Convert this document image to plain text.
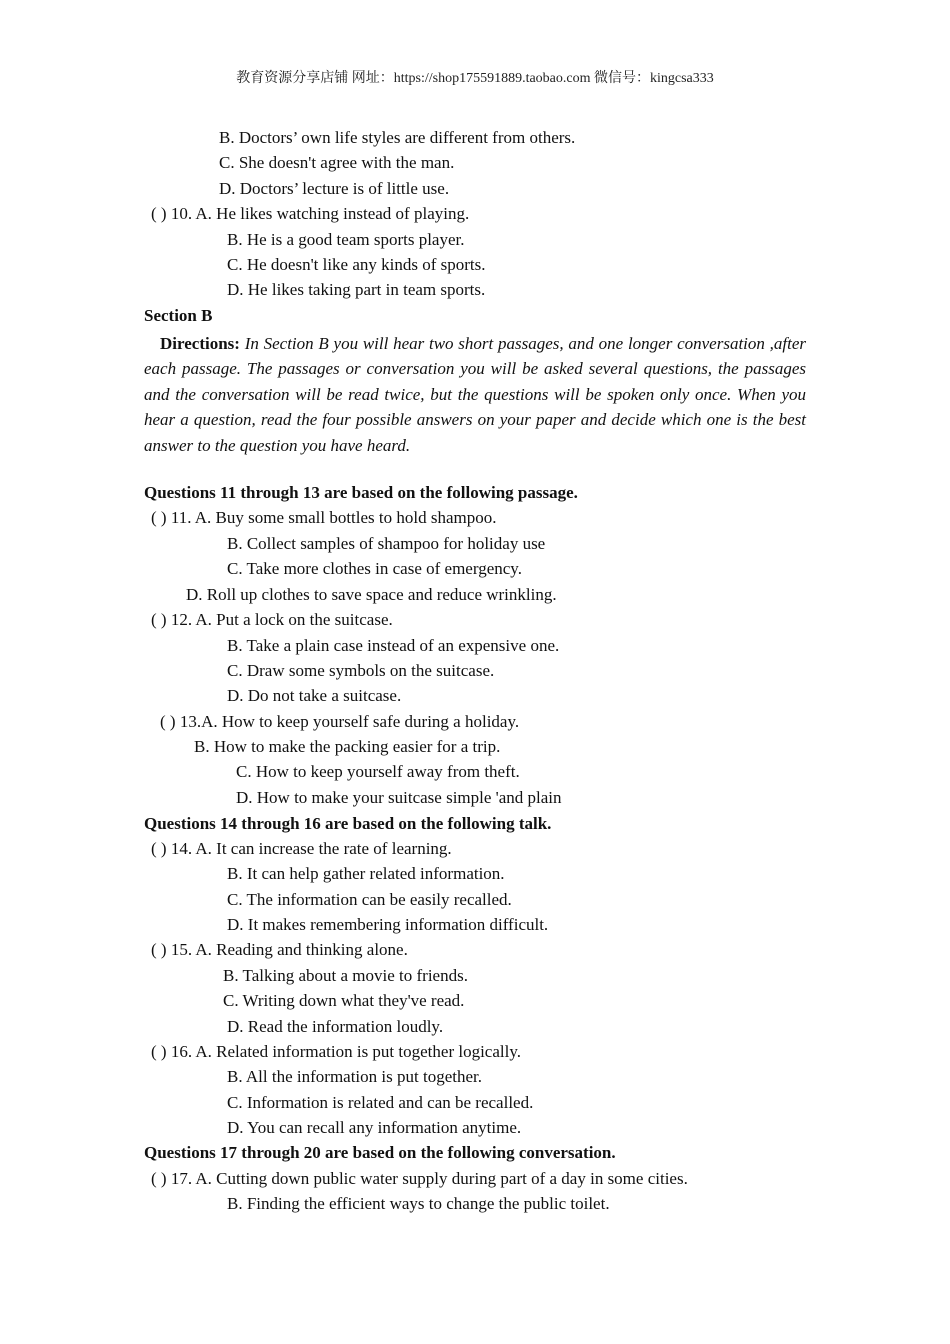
教育资源分享店铺 网址：https://shop175591889.taobao.com 微信号：kingcsa333
B. Doctors’ own life styles are different from others.
C. She doesn't agree with the man.
D. Doctors’ lecture is of little use.
( ) 10. A. He likes watching instead of playing.
B. He is a good team sports player.
C. He doesn't like any kinds of sports.
D. He likes taking part in team sports.
Section B
Directions: In Section B you will hear two short passages, and one longer conversation ,after each passage. The passages or conversation you will be asked several questions, the passages and the conversation will be read twice, but the questions will be spoken only once. When you hear a question, read the four possible answers on your paper and decide which one is the best answer to the question you have heard.
Questions 11 through 13 are based on the following passage.
( ) 11. A. Buy some small bottles to hold shampoo.
B. Collect samples of shampoo for holiday use
C. Take more clothes in case of emergency.
D. Roll up clothes to save space and reduce wrinkling.
( ) 12. A. Put a lock on the suitcase.
B. Take a plain case instead of an expensive one.
C. Draw some symbols on the suitcase.
D. Do not take a suitcase.
( ) 13.A. How to keep yourself safe during a holiday.
B. How to make the packing easier for a trip.
C. How to keep yourself away from theft.
D. How to make your suitcase simple 'and plain
Questions 14 through 16 are based on the following talk.
( ) 14. A. It can increase the rate of learning.
B. It can help gather related information.
C. The information can be easily recalled.
D. It makes remembering information difficult.
( ) 15. A. Reading and thinking alone.
B. Talking about a movie to friends.
C. Writing down what they've read.
D. Read the information loudly.
( ) 16. A. Related information is put together logically.
B. All the information is put together.
C. Information is related and can be recalled.
D. You can recall any information anytime.
Questions 17 through 20 are based on the following conversation.
( ) 17. A. Cutting down public water supply during part of a day in some cities.
B. Finding the efficient ways to change the public toilet.
